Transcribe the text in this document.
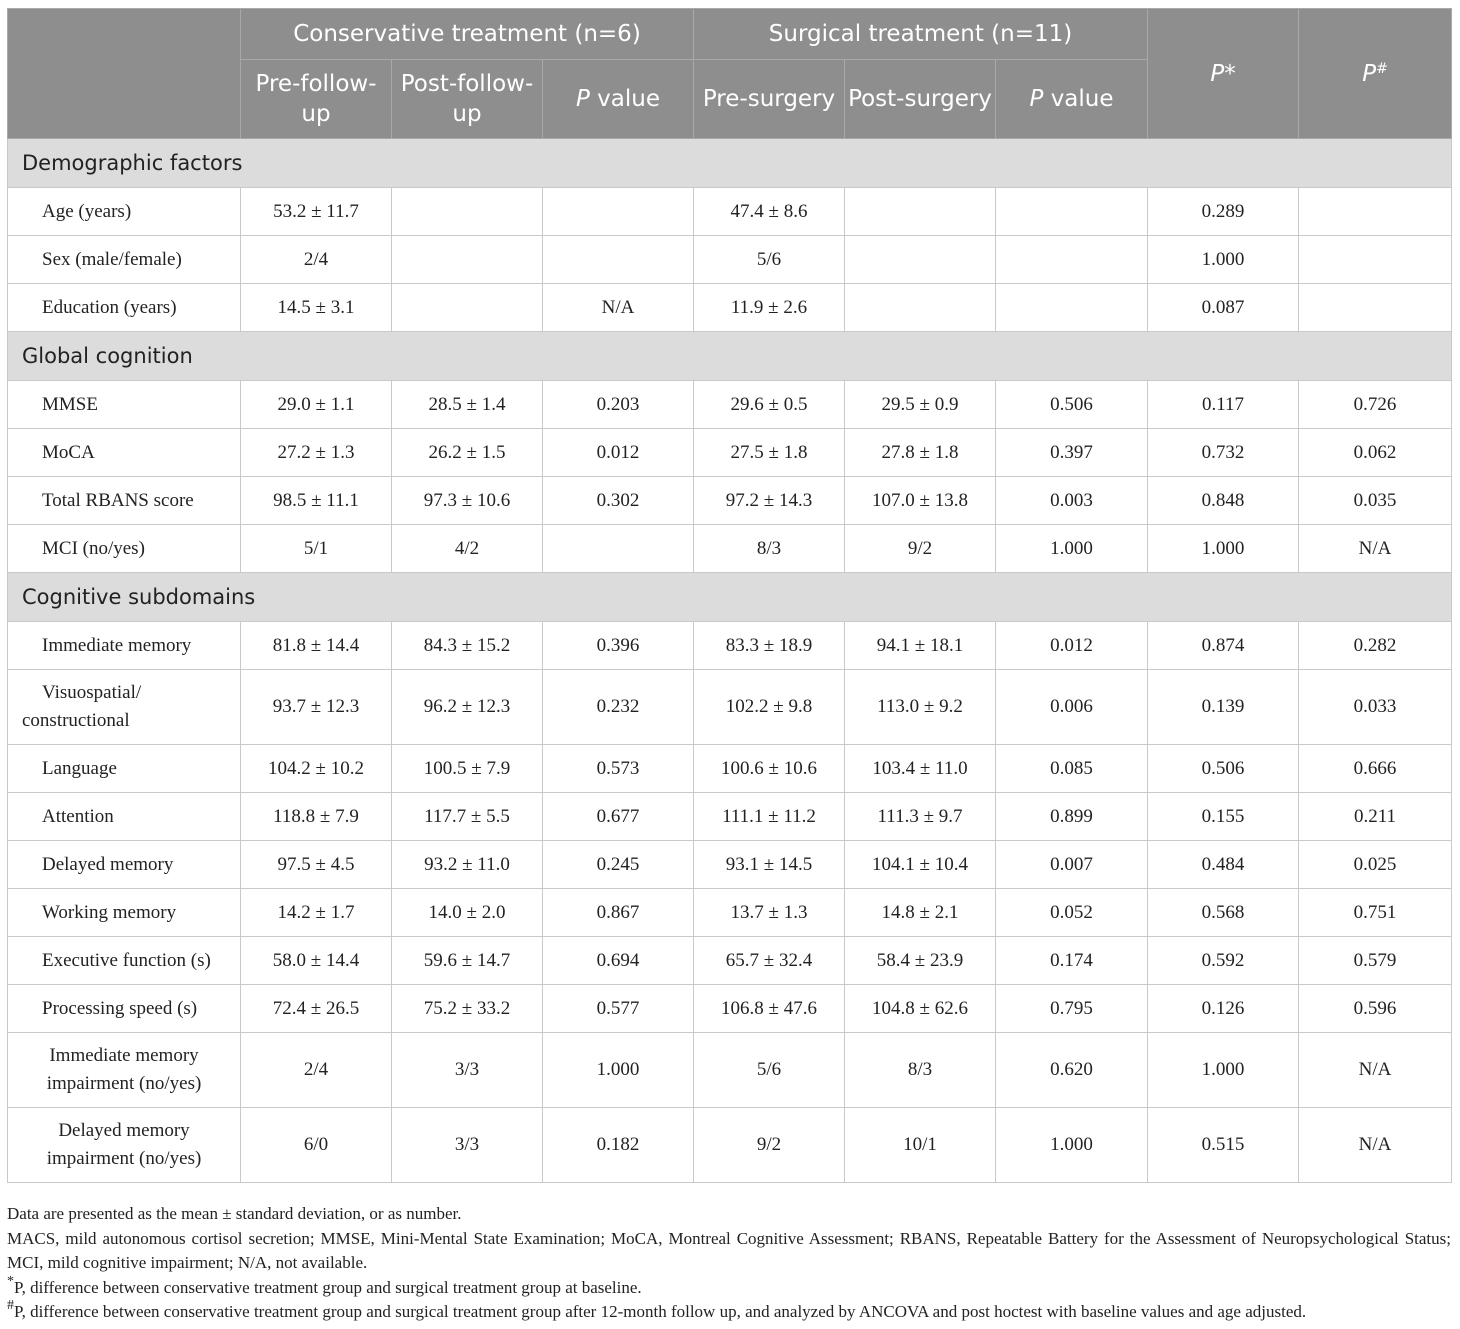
	Conservative treatment (n=6)			Surgical treatment (n=11)			P*	P#
	Pre-follow-up	Post-follow-up	P value	Pre-surgery	Post-surgery	P value		
Demographic factors								
Age (years)	53.2 ± 11.7			47.4 ± 8.6			0.289	
Sex (male/female)	2/4			5/6			1.000	
Education (years)	14.5 ± 3.1		N/A	11.9 ± 2.6			0.087	
Global cognition								
MMSE	29.0 ± 1.1	28.5 ± 1.4	0.203	29.6 ± 0.5	29.5 ± 0.9	0.506	0.117	0.726
MoCA	27.2 ± 1.3	26.2 ± 1.5	0.012	27.5 ± 1.8	27.8 ± 1.8	0.397	0.732	0.062
Total RBANS score	98.5 ± 11.1	97.3 ± 10.6	0.302	97.2 ± 14.3	107.0 ± 13.8	0.003	0.848	0.035
MCI (no/yes)	5/1	4/2		8/3	9/2	1.000	1.000	N/A
Cognitive subdomains								
Immediate memory	81.8 ± 14.4	84.3 ± 15.2	0.396	83.3 ± 18.9	94.1 ± 18.1	0.012	0.874	0.282
Visuospatial/
constructional	93.7 ± 12.3	96.2 ± 12.3	0.232	102.2 ± 9.8	113.0 ± 9.2	0.006	0.139	0.033
Language	104.2 ± 10.2	100.5 ± 7.9	0.573	100.6 ± 10.6	103.4 ± 11.0	0.085	0.506	0.666
Attention	118.8 ± 7.9	117.7 ± 5.5	0.677	111.1 ± 11.2	111.3 ± 9.7	0.899	0.155	0.211
Delayed memory	97.5 ± 4.5	93.2 ± 11.0	0.245	93.1 ± 14.5	104.1 ± 10.4	0.007	0.484	0.025
Working memory	14.2 ± 1.7	14.0 ± 2.0	0.867	13.7 ± 1.3	14.8 ± 2.1	0.052	0.568	0.751
Executive function (s)	58.0 ± 14.4	59.6 ± 14.7	0.694	65.7 ± 32.4	58.4 ± 23.9	0.174	0.592	0.579
Processing speed (s)	72.4 ± 26.5	75.2 ± 33.2	0.577	106.8 ± 47.6	104.8 ± 62.6	0.795	0.126	0.596
Immediate memory
impairment (no/yes)	2/4	3/3	1.000	5/6	8/3	0.620	1.000	N/A
Delayed memory
impairment (no/yes)	6/0	3/3	0.182	9/2	10/1	1.000	0.515	N/A

Data are presented as the mean ± standard deviation, or as number.

MACS, mild autonomous cortisol secretion; MMSE, Mini-Mental State Examination; MoCA, Montreal Cognitive Assessment; RBANS, Repeatable Battery for the Assessment of Neuropsychological Status; MCI, mild cognitive impairment; N/A, not available.

*P, difference between conservative treatment group and surgical treatment group at baseline.

#P, difference between conservative treatment group and surgical treatment group after 12-month follow up, and analyzed by ANCOVA and post hoctest with baseline values and age adjusted.
